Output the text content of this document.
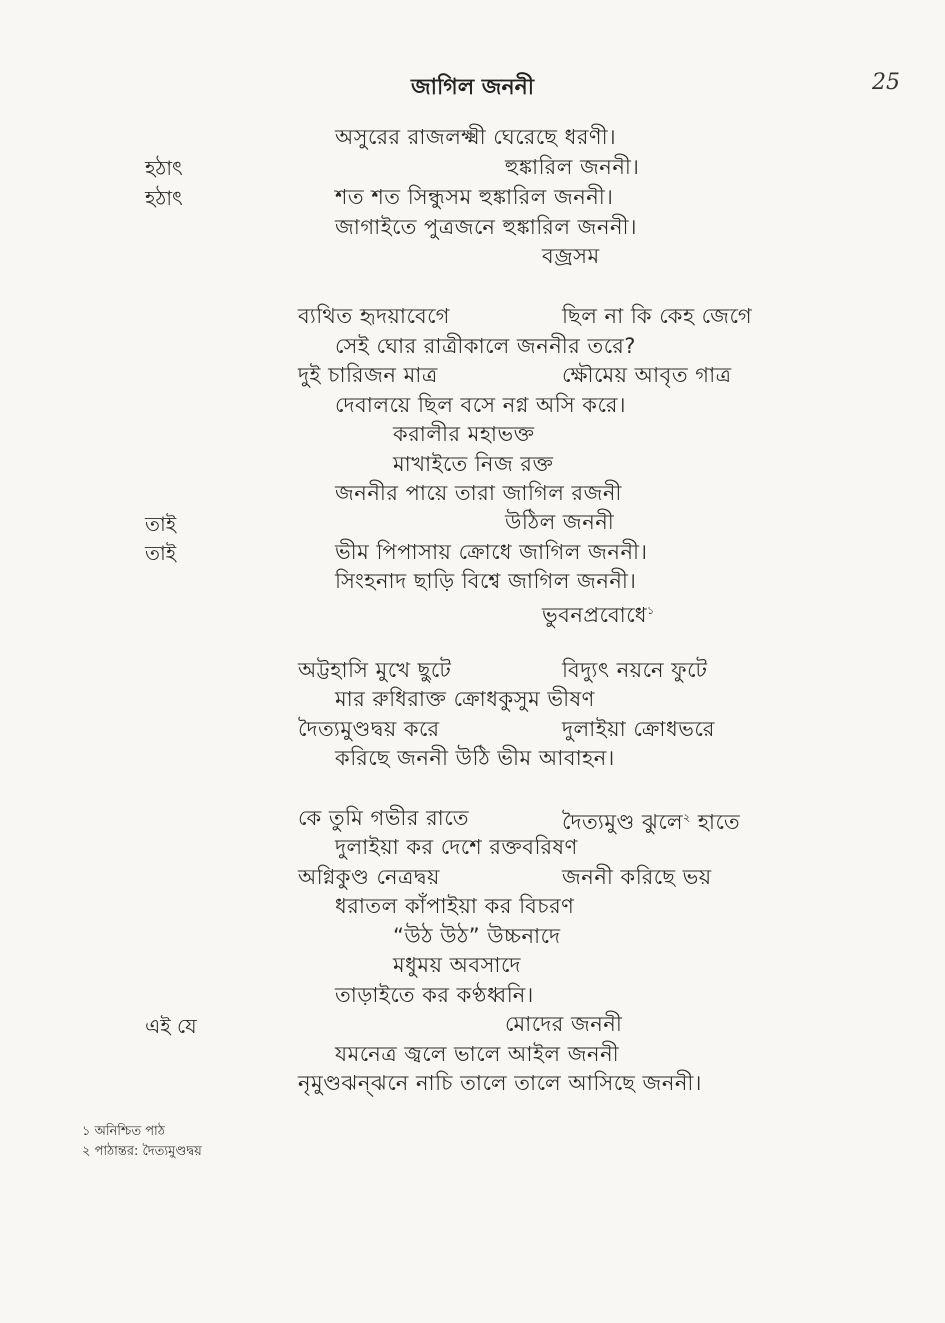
জাগিল জননী	25
অসুরের রাজলক্ষ্মী ঘেরেছে ধরণী।
হঠাৎ	হুঙ্কারিল জননী।
হঠাৎ	শত শত সিন্ধুসম হুঙ্কারিল জননী।
জাগাইতে পুত্রজনে হুঙ্কারিল জননী।
বজ্রসম
ব্যথিত হৃদয়াবেগে	ছিল না কি কেহ জেগে
সেই ঘোর রাত্রীকালে জননীর তরে?
দুই চারিজন মাত্র	ক্ষৌমেয় আবৃত গাত্র
দেবালয়ে ছিল বসে নগ্ন অসি করে।
করালীর মহাভক্ত
মাখাইতে নিজ রক্ত
জননীর পায়ে তারা জাগিল রজনী
তাই	উঠিল জননী
তাই	ভীম পিপাসায় ক্রোধে জাগিল জননী।
সিংহনাদ ছাড়ি বিশ্বে জাগিল জননী।
ভুবনপ্রবোধে$^১$
অট্টহাসি মুখে ছুটে	বিদ্যুৎ নয়নে ফুটে
মার রুধিরাক্ত ক্রোধকুসুম ভীষণ
দৈত্যমুণ্ডদ্বয় করে	দুলাইয়া ক্রোধভরে
করিছে জননী উঠি ভীম আবাহন।
কে তুমি গভীর রাতে	দৈত্যমুণ্ড ঝুলে$^২$ হাতে
দুলাইয়া কর দেশে রক্তবরিষণ
অগ্নিকুণ্ড নেত্রদ্বয়	জননী করিছে ভয়
ধরাতল কাঁপাইয়া কর বিচরণ
“উঠ উঠ” উচ্চনাদে
মধুময় অবসাদে
তাড়াইতে কর কণ্ঠধ্বনি।
এই যে	মোদের জননী
যমনেত্র জ্বলে ভালে আইল জননী
নৃমুণ্ডঝন্‌ঝনে নাচি তালে তালে আসিছে জননী।
১ অনিশ্চিত পাঠ
২ পাঠান্তর: দৈত্যমুণ্ডদ্বয়
